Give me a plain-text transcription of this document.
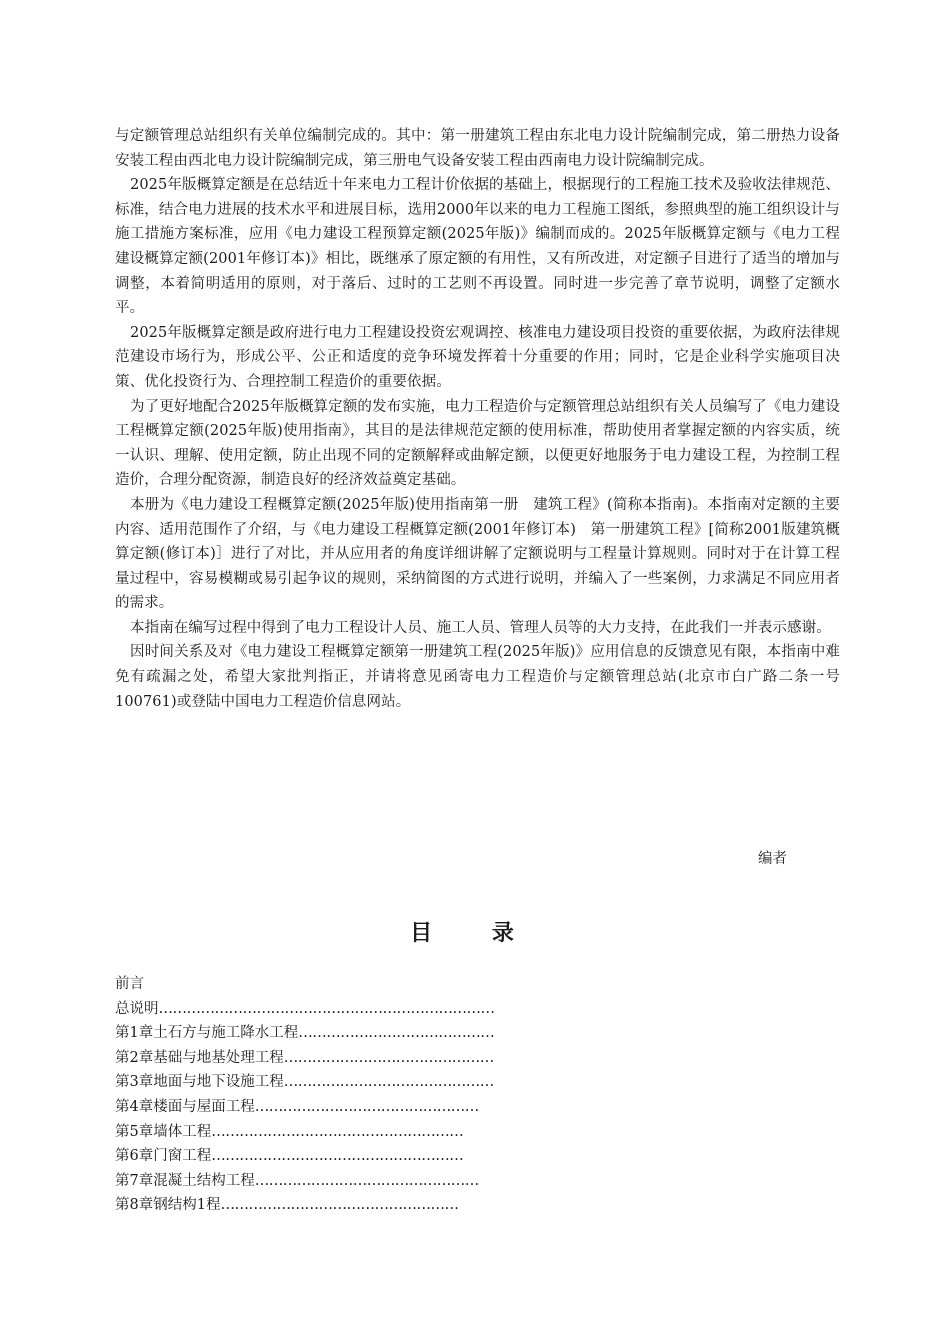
与定额管理总站组织有关单位编制完成的。其中：第一册建筑工程由东北电力设计院编制完成，第二册热力设备安装工程由西北电力设计院编制完成，第三册电气设备安装工程由西南电力设计院编制完成。

2025年版概算定额是在总结近十年来电力工程计价依据的基础上，根据现行的工程施工技术及验收法律规范、标准，结合电力进展的技术水平和进展目标，选用2000年以来的电力工程施工图纸，参照典型的施工组织设计与施工措施方案标准，应用《电力建设工程预算定额(2025年版)》编制而成的。2025年版概算定额与《电力工程建设概算定额(2001年修订本)》相比，既继承了原定额的有用性，又有所改进，对定额子目进行了适当的增加与调整，本着简明适用的原则，对于落后、过时的工艺则不再设置。同时进一步完善了章节说明，调整了定额水平。

2025年版概算定额是政府进行电力工程建设投资宏观调控、核准电力建设项目投资的重要依据，为政府法律规范建设市场行为，形成公平、公正和适度的竞争环境发挥着十分重要的作用；同时，它是企业科学实施项目决策、优化投资行为、合理控制工程造价的重要依据。

为了更好地配合2025年版概算定额的发布实施，电力工程造价与定额管理总站组织有关人员编写了《电力建设工程概算定额(2025年版)使用指南》，其目的是法律规范定额的使用标准，帮助使用者掌握定额的内容实质，统一认识、理解、使用定额，防止出现不同的定额解释或曲解定额，以便更好地服务于电力建设工程，为控制工程造价，合理分配资源，制造良好的经济效益奠定基础。

本册为《电力建设工程概算定额(2025年版)使用指南第一册　建筑工程》(简称本指南)。本指南对定额的主要内容、适用范围作了介绍，与《电力建设工程概算定额(2001年修订本)　第一册建筑工程》[简称2001版建筑概算定额(修订本)］进行了对比，并从应用者的角度详细讲解了定额说明与工程量计算规则。同时对于在计算工程量过程中，容易模糊或易引起争议的规则，采纳简图的方式进行说明，并编入了一些案例，力求满足不同应用者的需求。

本指南在编写过程中得到了电力工程设计人员、施工人员、管理人员等的大力支持，在此我们一并表示感谢。

因时间关系及对《电力建设工程概算定额第一册建筑工程(2025年版)》应用信息的反馈意见有限，本指南中难免有疏漏之处，希望大家批判指正，并请将意见函寄电力工程造价与定额管理总站(北京市白广路二条一号100761)或登陆中国电力工程造价信息网站。

编者
目 录
前言
总说明 ………………………………………………………………
第1章土石方与施工降水工程 ……………………………………
第2章基础与地基处理工程 ………………………………………
第3章地面与地下设施工程 ………………………………………
第4章楼面与屋面工程 …………………………………………
第5章墙体工程 ………………………………………………
第6章门窗工程 ………………………………………………
第7章混凝土结构工程 …………………………………………
第8章钢结构1程 ……………………………………………
